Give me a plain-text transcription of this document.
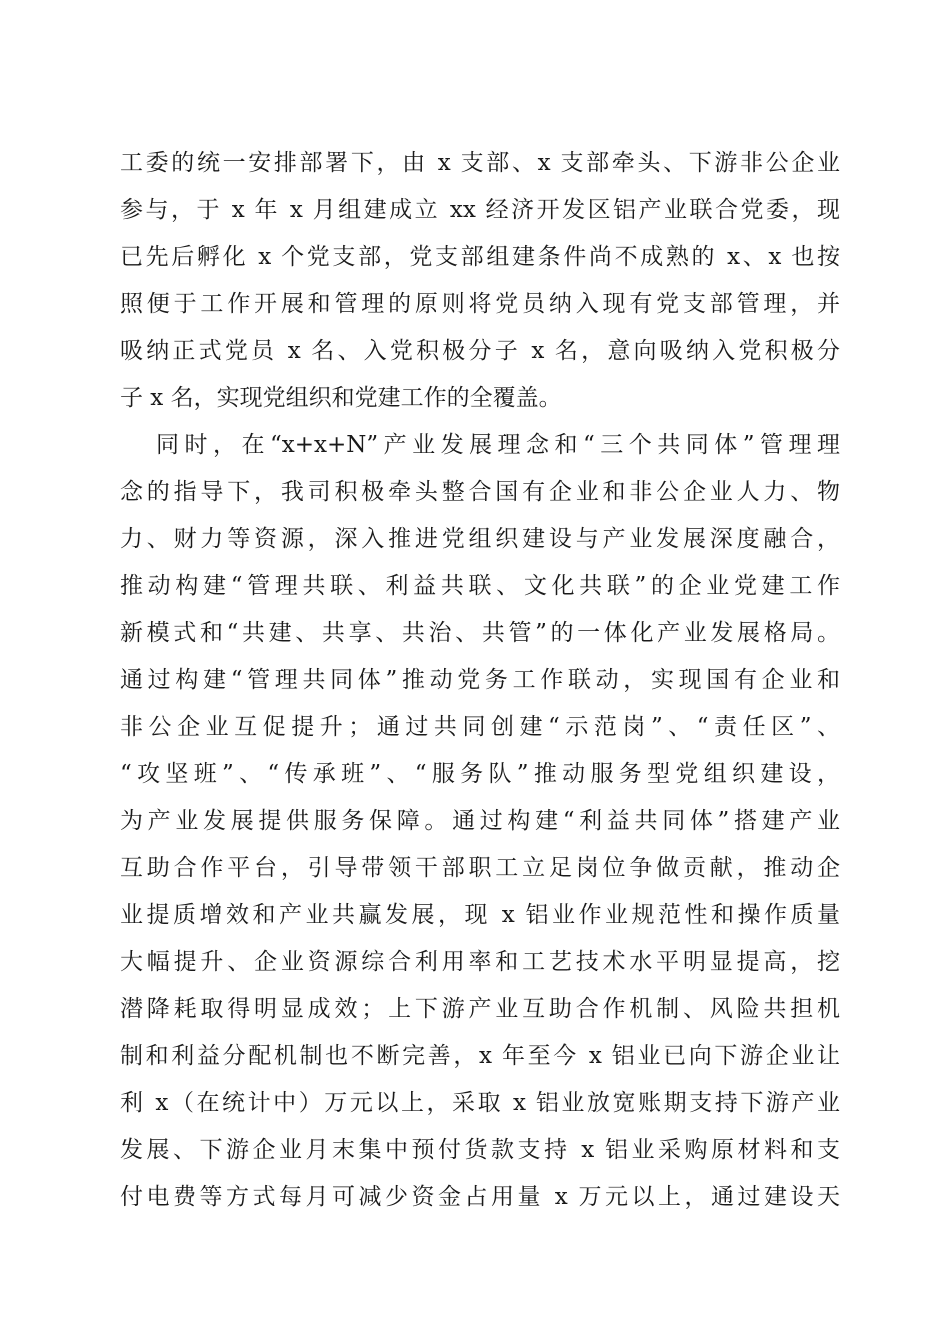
工委的统一安排部署下，由 x 支部、x 支部牵头、下游非公企业
参与，于 x 年 x 月组建成立 xx 经济开发区铝产业联合党委，现
已先后孵化 x 个党支部，党支部组建条件尚不成熟的 x、x 也按
照便于工作开展和管理的原则将党员纳入现有党支部管理，并
吸纳正式党员 x 名、入党积极分子 x 名，意向吸纳入党积极分
子 x 名，实现党组织和党建工作的全覆盖。
同时，在“x+x+N”产业发展理念和“三个共同体”管理理
念的指导下，我司积极牵头整合国有企业和非公企业人力、物
力、财力等资源，深入推进党组织建设与产业发展深度融合，
推动构建“管理共联、利益共联、文化共联”的企业党建工作
新模式和“共建、共享、共治、共管”的一体化产业发展格局。
通过构建“管理共同体”推动党务工作联动，实现国有企业和
非公企业互促提升；通过共同创建“示范岗”、“责任区”、
“攻坚班”、“传承班”、“服务队”推动服务型党组织建设，
为产业发展提供服务保障。通过构建“利益共同体”搭建产业
互助合作平台，引导带领干部职工立足岗位争做贡献，推动企
业提质增效和产业共赢发展，现 x 铝业作业规范性和操作质量
大幅提升、企业资源综合利用率和工艺技术水平明显提高，挖
潜降耗取得明显成效；上下游产业互助合作机制、风险共担机
制和利益分配机制也不断完善，x 年至今 x 铝业已向下游企业让
利 x（在统计中）万元以上，采取 x 铝业放宽账期支持下游产业
发展、下游企业月末集中预付货款支持 x 铝业采购原材料和支
付电费等方式每月可减少资金占用量 x 万元以上，通过建设天
